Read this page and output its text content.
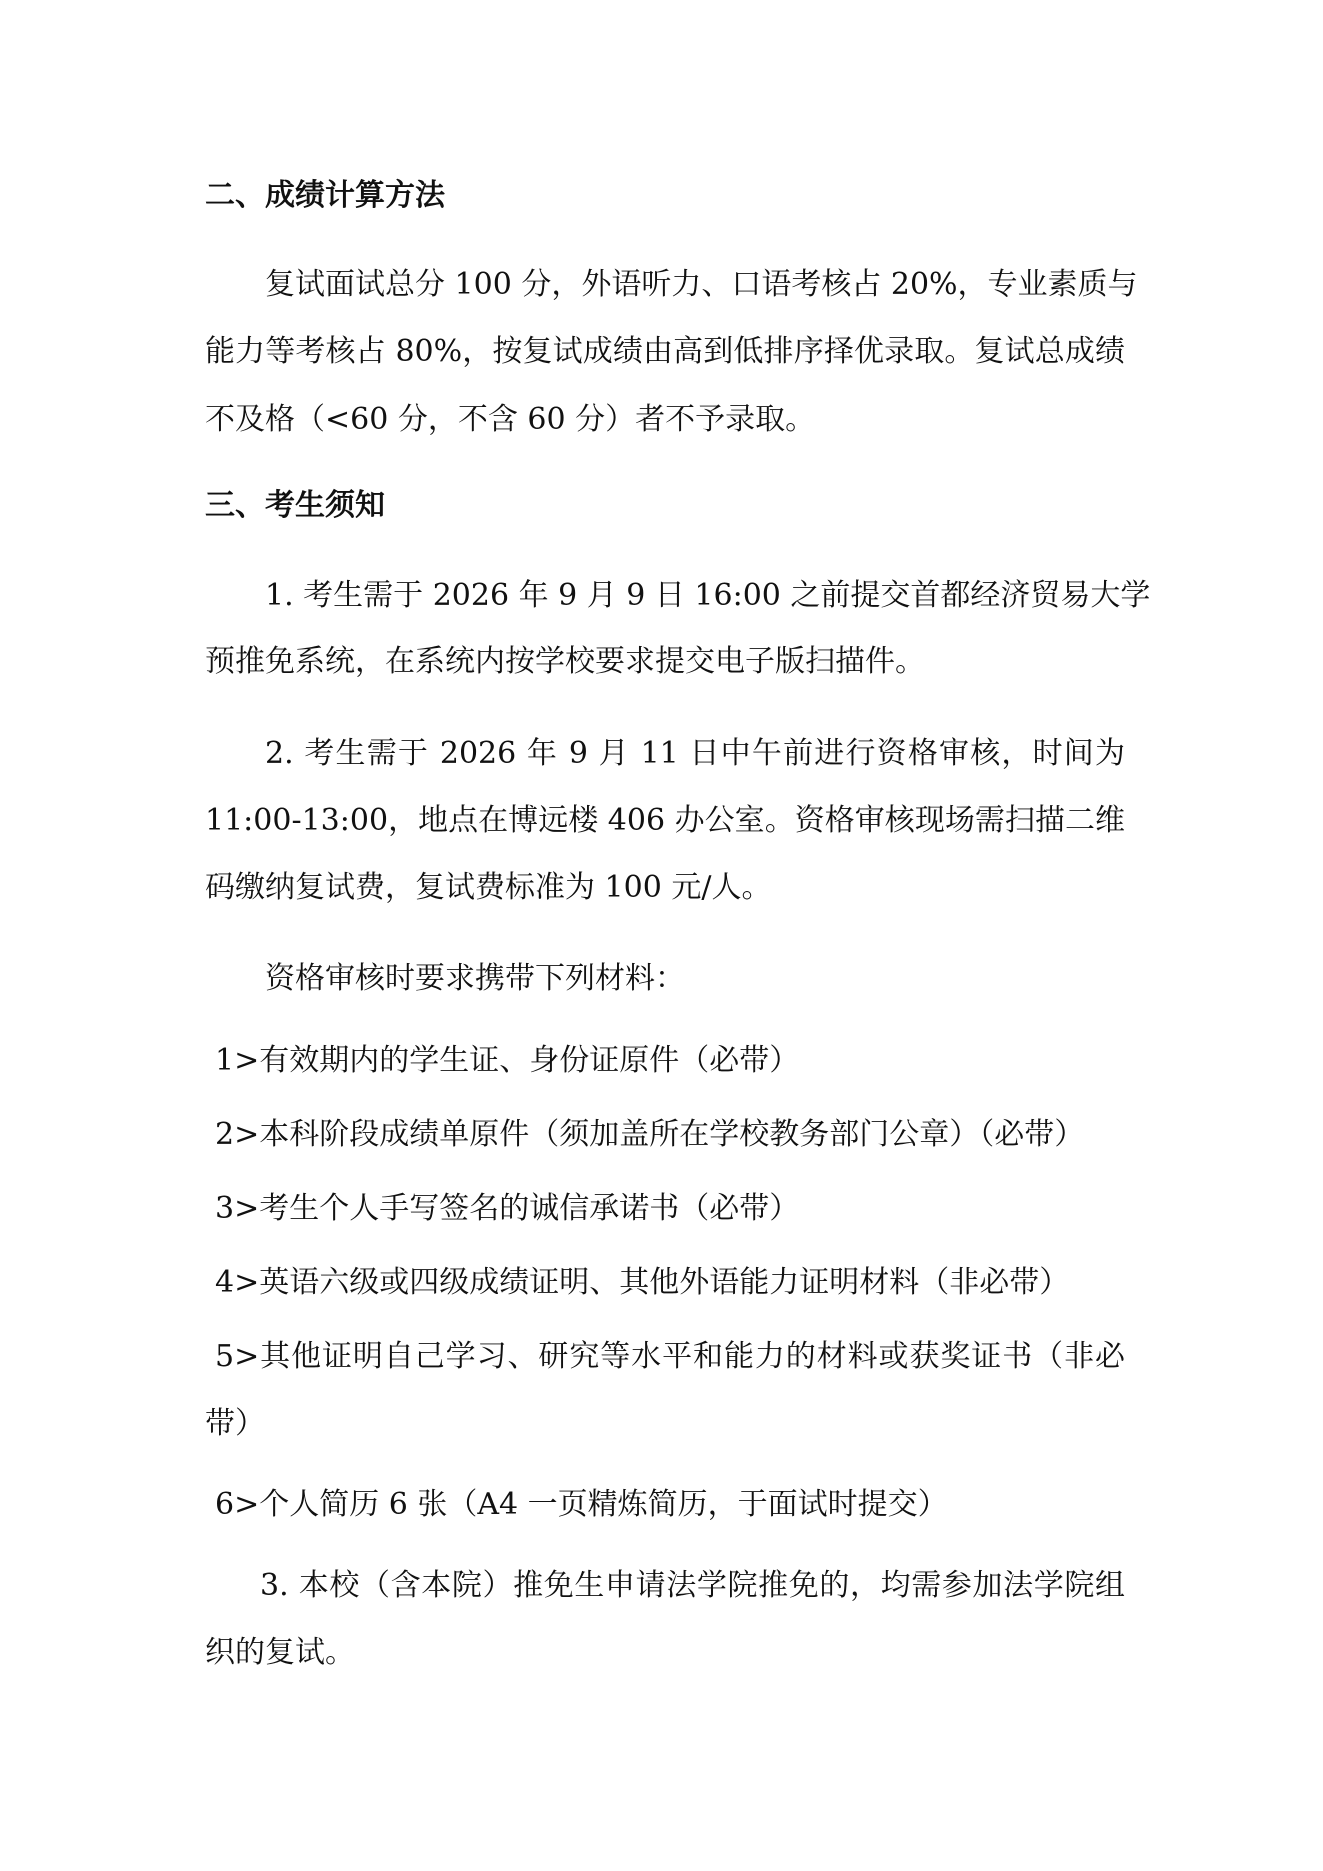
二、成绩计算方法
复试面试总分 100 分，外语听力、口语考核占 20%，专业素质与
能力等考核占 80%，按复试成绩由高到低排序择优录取。复试总成绩
不及格（<60 分，不含 60 分）者不予录取。
三、考生须知
1. 考生需于 2026 年 9 月 9 日 16:00 之前提交首都经济贸易大学
预推免系统，在系统内按学校要求提交电子版扫描件。
2. 考生需于 2026 年 9 月 11 日中午前进行资格审核，时间为
11:00-13:00，地点在博远楼 406 办公室。资格审核现场需扫描二维
码缴纳复试费，复试费标准为 100 元/人。
资格审核时要求携带下列材料：
1>有效期内的学生证、身份证原件（必带）
2>本科阶段成绩单原件（须加盖所在学校教务部门公章）（必带）
3>考生个人手写签名的诚信承诺书（必带）
4>英语六级或四级成绩证明、其他外语能力证明材料（非必带）
5>其他证明自己学习、研究等水平和能力的材料或获奖证书（非必
带）
6>个人简历 6 张（A4 一页精炼简历，于面试时提交）
3. 本校（含本院）推免生申请法学院推免的，均需参加法学院组
织的复试。
